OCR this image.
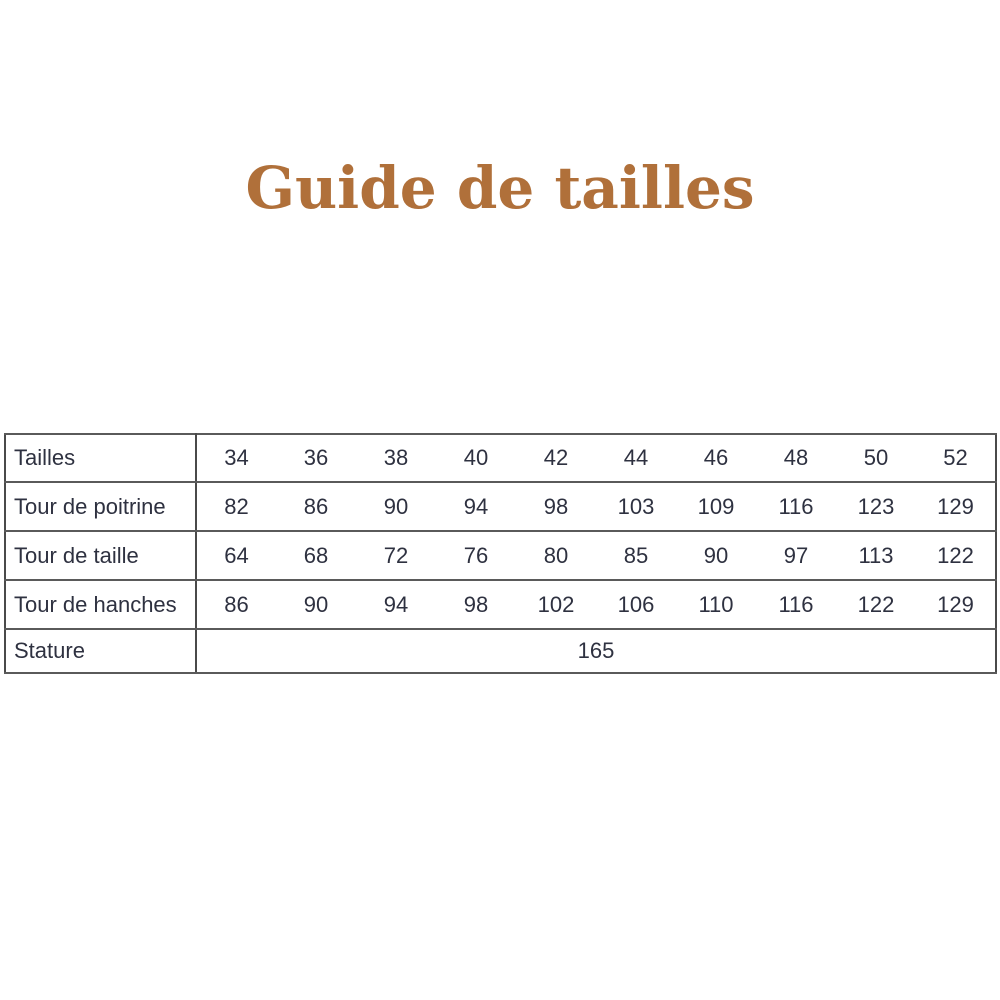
Guide de tailles
Tailles	34	36	38	40	42	44	46	48	50	52
Tour de poitrine	82	86	90	94	98	103	109	116	123	129
Tour de taille	64	68	72	76	80	85	90	97	113	122
Tour de hanches	86	90	94	98	102	106	110	116	122	129
Stature	165									
